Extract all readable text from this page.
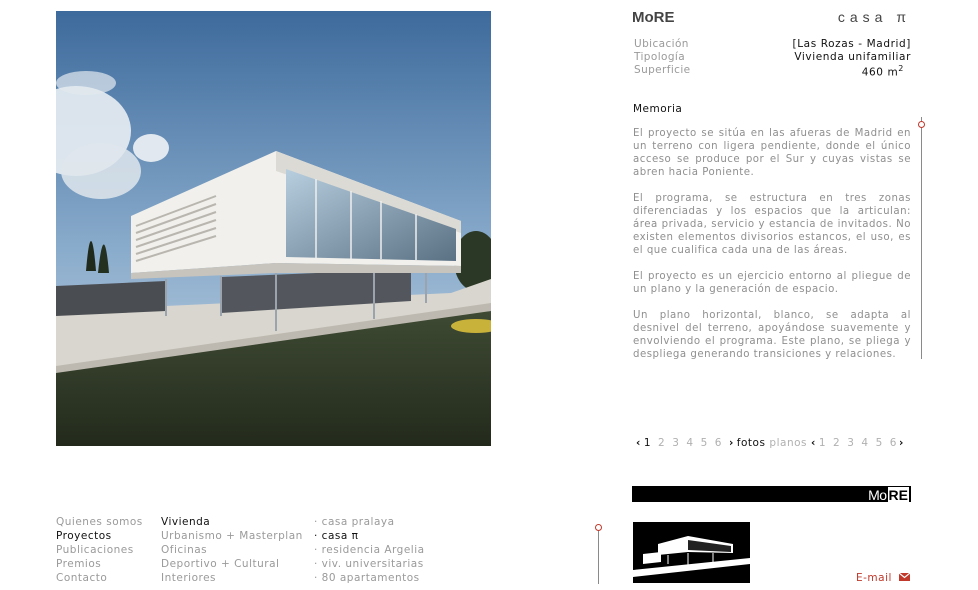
MoRE	casa π
Ubicación	[Las Rozas - Madrid]
Tipología	Vivienda unifamiliar
Superficie	460 $m^2$
Memoria
El proyecto se sitúa en las afueras de Madrid en un terreno con ligera pendiente, donde el único acceso se produce por el Sur y cuyas vistas se abren hacia Poniente.
El programa, se estructura en tres zonas diferenciadas y los espacios que la articulan: área privada, servicio y estancia de invitados. No existen elementos divisorios estancos, el uso, es el que cualifica cada una de las áreas.
El proyecto es un ejercicio entorno al pliegue de un plano y la generación de espacio.
Un plano horizontal, blanco, se adapta al desnivel del terreno, apoyándose suavemente y envolviendo el programa. Este plano, se pliega y despliega generando transiciones y relaciones.
‹ 1 2 3 4 5 6 › fotos planos ‹ 1 2 3 4 5 6 ›
Mo RE
E-mail
Quienes somos
Proyectos
Publicaciones
Premios
Contacto
Vivienda
Urbanismo + Masterplan
Oficinas
Deportivo + Cultural
Interiores
· casa pralaya
· casa π
· residencia Argelia
· viv. universitarias
· 80 apartamentos
